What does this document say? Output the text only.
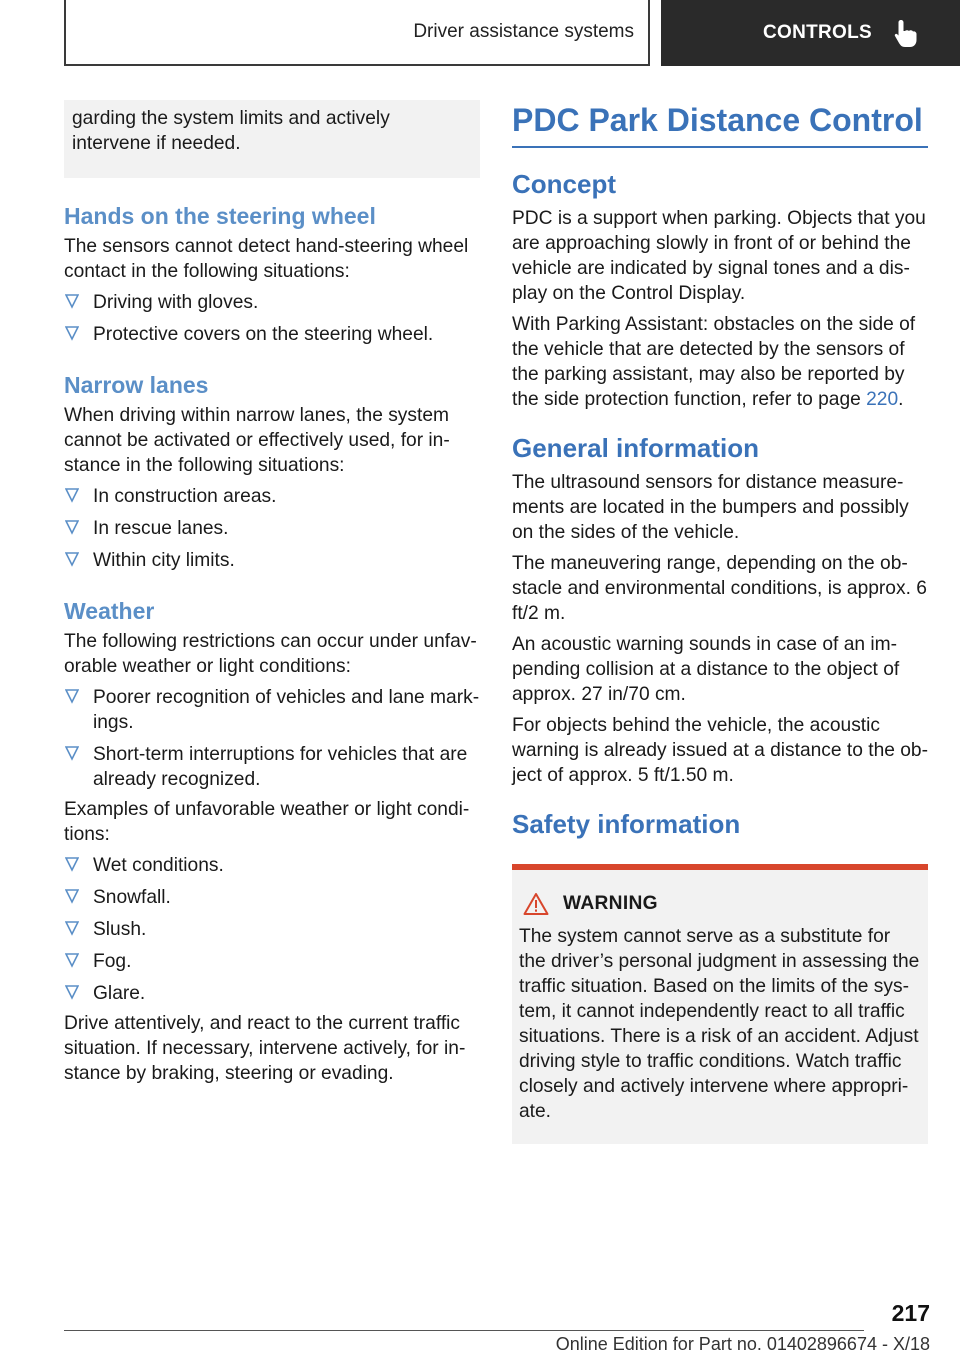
Driver assistance systems	CONTROLS

garding the system limits and actively intervene if needed.

Hands on the steering wheel

The sensors cannot detect hand-steering wheel contact in the following situations:

Driving with gloves.
Protective covers on the steering wheel.
Narrow lanes

When driving within narrow lanes, the system cannot be activated or effectively used, for instance in the following situations:

In construction areas.
In rescue lanes.
Within city limits.
Weather

The following restrictions can occur under unfavorable weather or light conditions:

Poorer recognition of vehicles and lane markings.
Short-term interruptions for vehicles that are already recognized.

Examples of unfavorable weather or light conditions:

Wet conditions.
Snowfall.
Slush.
Fog.
Glare.

Drive attentively, and react to the current traffic situation. If necessary, intervene actively, for instance by braking, steering or evading.

PDC Park Distance Control
Concept

PDC is a support when parking. Objects that you are approaching slowly in front of or behind the vehicle are indicated by signal tones and a display on the Control Display.

With Parking Assistant: obstacles on the side of the vehicle that are detected by the sensors of the parking assistant, may also be reported by the side protection function, refer to page 220.

General information

The ultrasound sensors for distance measurements are located in the bumpers and possibly on the sides of the vehicle.

The maneuvering range, depending on the obstacle and environmental conditions, is approx. 6 ft/2 m.

An acoustic warning sounds in case of an impending collision at a distance to the object of approx. 27 in/70 cm.

For objects behind the vehicle, the acoustic warning is already issued at a distance to the object of approx. 5 ft/1.50 m.

Safety information
WARNING

The system cannot serve as a substitute for the driver’s personal judgment in assessing the traffic situation. Based on the limits of the system, it cannot independently react to all traffic situations. There is a risk of an accident. Adjust driving style to traffic conditions. Watch traffic closely and actively intervene where appropriate.

217
Online Edition for Part no. 01402896674 - X/18
